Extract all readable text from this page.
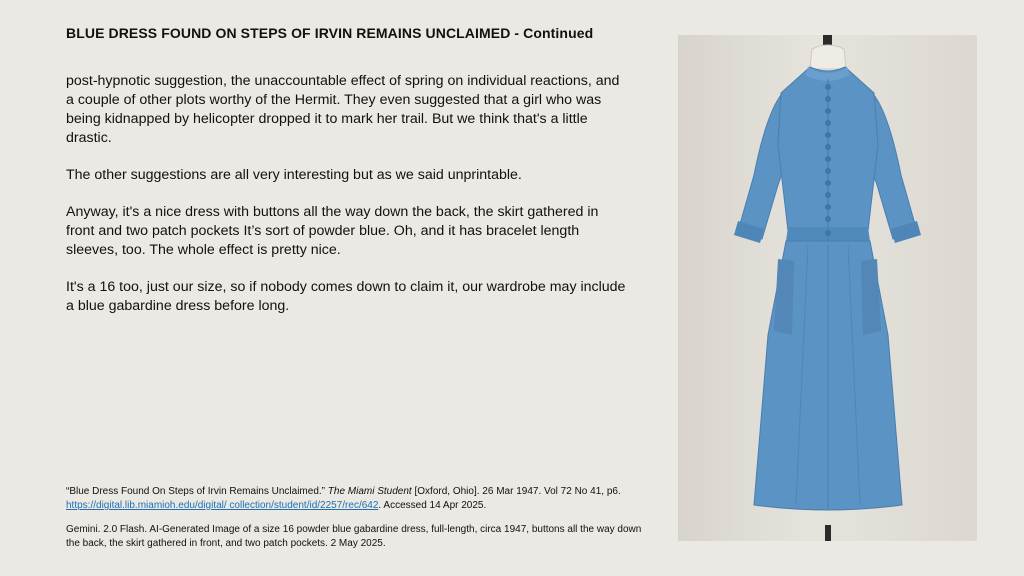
BLUE DRESS FOUND ON STEPS OF IRVIN REMAINS UNCLAIMED - Continued

post-hypnotic suggestion, the unaccountable effect of spring on individual reactions, and a couple of other plots worthy of the Hermit. They even suggested that a girl who was being kidnapped by helicopter dropped it to mark her trail. But we think that's a little drastic.

The other suggestions are all very interesting but as we said unprintable.

Anyway, it's a nice dress with buttons all the way down the back, the skirt gathered in front and two patch pockets It’s sort of powder blue. Oh, and it has bracelet length sleeves, too. The whole effect is pretty nice.

It's a 16 too, just our size, so if nobody comes down to claim it, our wardrobe may include a blue gabardine dress before long.

“Blue Dress Found On Steps of Irvin Remains Unclaimed.” The Miami Student [Oxford, Ohio]. 26 Mar 1947. Vol 72 No 41, p6. https://digital.lib.miamioh.edu/digital/ collection/student/id/2257/rec/642. Accessed 14 Apr 2025.

Gemini. 2.0 Flash. AI-Generated Image of a size 16 powder blue gabardine dress, full-length, circa 1947, buttons all the way down the back, the skirt gathered in front, and two patch pockets. 2 May 2025.
